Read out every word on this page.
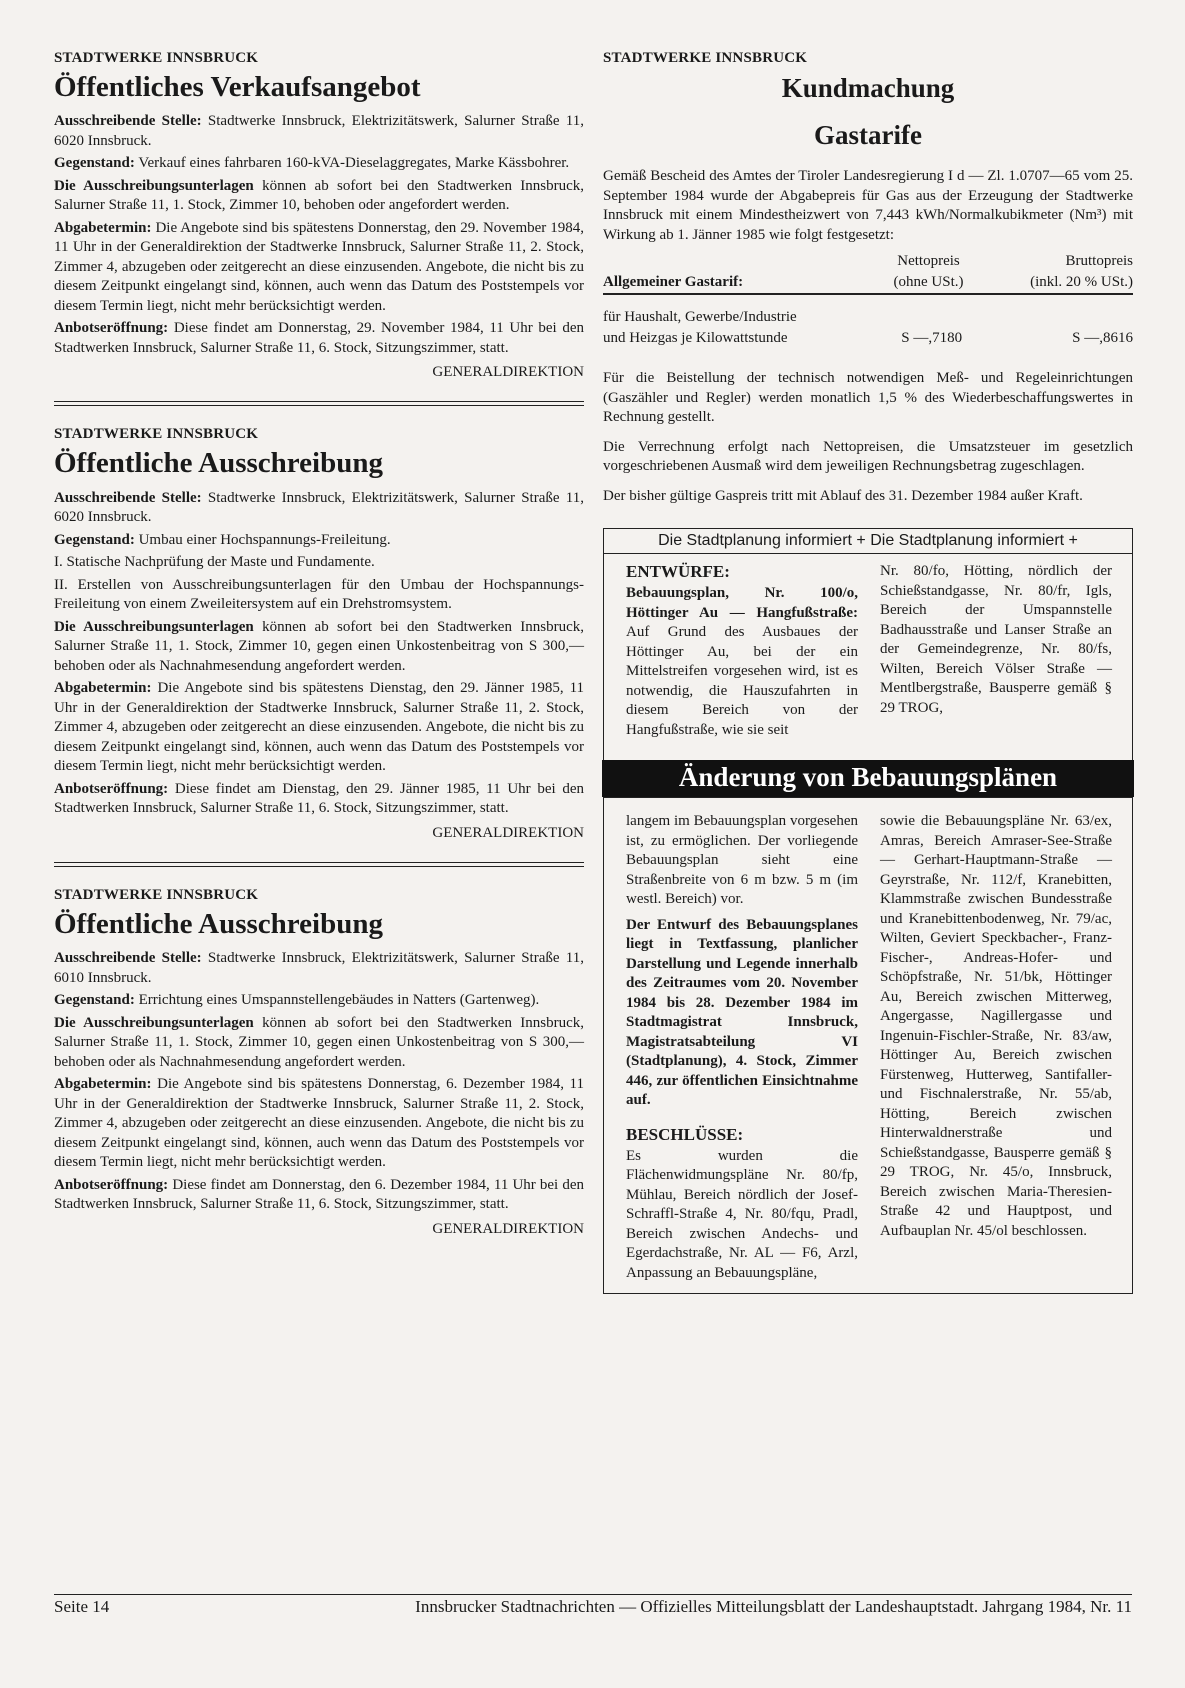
STADTWERKE INNSBRUCK
Öffentliches Verkaufsangebot

Ausschreibende Stelle: Stadtwerke Innsbruck, Elektrizitätswerk, Salurner Straße 11, 6020 Innsbruck.

Gegenstand: Verkauf eines fahrbaren 160-kVA-Dieselaggregates, Marke Kässbohrer.

Die Ausschreibungsunterlagen können ab sofort bei den Stadtwerken Innsbruck, Salurner Straße 11, 1. Stock, Zimmer 10, behoben oder angefordert werden.

Abgabetermin: Die Angebote sind bis spätestens Donnerstag, den 29. November 1984, 11 Uhr in der Generaldirektion der Stadtwerke Innsbruck, Salurner Straße 11, 2. Stock, Zimmer 4, abzugeben oder zeitgerecht an diese einzusenden. Angebote, die nicht bis zu diesem Zeitpunkt eingelangt sind, können, auch wenn das Datum des Poststempels vor diesem Termin liegt, nicht mehr berücksichtigt werden.

Anbotseröffnung: Diese findet am Donnerstag, 29. November 1984, 11 Uhr bei den Stadtwerken Innsbruck, Salurner Straße 11, 6. Stock, Sitzungszimmer, statt.

GENERALDIREKTION
STADTWERKE INNSBRUCK
Öffentliche Ausschreibung

Ausschreibende Stelle: Stadtwerke Innsbruck, Elektrizitätswerk, Salurner Straße 11, 6020 Innsbruck.

Gegenstand: Umbau einer Hochspannungs-Freileitung.

I. Statische Nachprüfung der Maste und Fundamente.

II. Erstellen von Ausschreibungsunterlagen für den Umbau der Hochspannungs-Freileitung von einem Zweileitersystem auf ein Drehstromsystem.

Die Ausschreibungsunterlagen können ab sofort bei den Stadtwerken Innsbruck, Salurner Straße 11, 1. Stock, Zimmer 10, gegen einen Unkostenbeitrag von S 300,— behoben oder als Nachnahmesendung angefordert werden.

Abgabetermin: Die Angebote sind bis spätestens Dienstag, den 29. Jänner 1985, 11 Uhr in der Generaldirektion der Stadtwerke Innsbruck, Salurner Straße 11, 2. Stock, Zimmer 4, abzugeben oder zeitgerecht an diese einzusenden. Angebote, die nicht bis zu diesem Zeitpunkt eingelangt sind, können, auch wenn das Datum des Poststempels vor diesem Termin liegt, nicht mehr berücksichtigt werden.

Anbotseröffnung: Diese findet am Dienstag, den 29. Jänner 1985, 11 Uhr bei den Stadtwerken Innsbruck, Salurner Straße 11, 6. Stock, Sitzungszimmer, statt.

GENERALDIREKTION
STADTWERKE INNSBRUCK
Öffentliche Ausschreibung

Ausschreibende Stelle: Stadtwerke Innsbruck, Elektrizitätswerk, Salurner Straße 11, 6010 Innsbruck.

Gegenstand: Errichtung eines Umspannstellengebäudes in Natters (Gartenweg).

Die Ausschreibungsunterlagen können ab sofort bei den Stadtwerken Innsbruck, Salurner Straße 11, 1. Stock, Zimmer 10, gegen einen Unkostenbeitrag von S 300,— behoben oder als Nachnahmesendung angefordert werden.

Abgabetermin: Die Angebote sind bis spätestens Donnerstag, 6. Dezember 1984, 11 Uhr in der Generaldirektion der Stadtwerke Innsbruck, Salurner Straße 11, 2. Stock, Zimmer 4, abzugeben oder zeitgerecht an diese einzusenden. Angebote, die nicht bis zu diesem Zeitpunkt eingelangt sind, können, auch wenn das Datum des Poststempels vor diesem Termin liegt, nicht mehr berücksichtigt werden.

Anbotseröffnung: Diese findet am Donnerstag, den 6. Dezember 1984, 11 Uhr bei den Stadtwerken Innsbruck, Salurner Straße 11, 6. Stock, Sitzungszimmer, statt.

GENERALDIREKTION
STADTWERKE INNSBRUCK
Kundmachung
Gastarife

Gemäß Bescheid des Amtes der Tiroler Landesregierung I d — Zl. 1.0707—65 vom 25. September 1984 wurde der Abgabepreis für Gas aus der Erzeugung der Stadtwerke Innsbruck mit einem Mindestheizwert von 7,443 kWh/Normalkubikmeter (Nm³) mit Wirkung ab 1. Jänner 1985 wie folgt festgesetzt:

	Nettopreis	Bruttopreis
Allgemeiner Gastarif:	(ohne USt.)	(inkl. 20 % USt.)

für Haushalt, Gewerbe/Industrie		
und Heizgas je Kilowattstunde	S —,7180	S —,8616

Für die Beistellung der technisch notwendigen Meß- und Regeleinrichtungen (Gaszähler und Regler) werden monatlich 1,5 % des Wiederbeschaffungswertes in Rechnung gestellt.

Die Verrechnung erfolgt nach Nettopreisen, die Umsatzsteuer im gesetzlich vorgeschriebenen Ausmaß wird dem jeweiligen Rechnungsbetrag zugeschlagen.

Der bisher gültige Gaspreis tritt mit Ablauf des 31. Dezember 1984 außer Kraft.

Die Stadtplanung informiert + Die Stadtplanung informiert +
ENTWÜRFE:

Bebauungsplan, Nr. 100/o, Höttinger Au — Hangfußstraße: Auf Grund des Ausbaues der Höttinger Au, bei der ein Mittelstreifen vorgesehen wird, ist es notwendig, die Hauszufahrten in diesem Bereich von der Hangfußstraße, wie sie seit

Nr. 80/fo, Hötting, nördlich der Schießstandgasse, Nr. 80/fr, Igls, Bereich der Umspannstelle Badhausstraße und Lanser Straße an der Gemeindegrenze, Nr. 80/fs, Wilten, Bereich Völser Straße — Mentlbergstraße, Bausperre gemäß § 29 TROG,

Änderung von Bebauungsplänen

langem im Bebauungsplan vorgesehen ist, zu ermöglichen. Der vorliegende Bebauungsplan sieht eine Straßenbreite von 6 m bzw. 5 m (im westl. Bereich) vor.

Der Entwurf des Bebauungsplanes liegt in Textfassung, planlicher Darstellung und Legende innerhalb des Zeitraumes vom 20. November 1984 bis 28. Dezember 1984 im Stadtmagistrat Innsbruck, Magistratsabteilung VI (Stadtplanung), 4. Stock, Zimmer 446, zur öffentlichen Einsichtnahme auf.

BESCHLÜSSE:

Es wurden die Flächenwidmungspläne Nr. 80/fp, Mühlau, Bereich nördlich der Josef-Schraffl-Straße 4, Nr. 80/fqu, Pradl, Bereich zwischen Andechs- und Egerdachstraße, Nr. AL — F6, Arzl, Anpassung an Bebauungspläne,

sowie die Bebauungspläne Nr. 63/ex, Amras, Bereich Amraser-See-Straße — Gerhart-Hauptmann-Straße — Geyrstraße, Nr. 112/f, Kranebitten, Klammstraße zwischen Bundesstraße und Kranebittenbodenweg, Nr. 79/ac, Wilten, Geviert Speckbacher-, Franz-Fischer-, Andreas-Hofer- und Schöpfstraße, Nr. 51/bk, Höttinger Au, Bereich zwischen Mitterweg, Angergasse, Nagillergasse und Ingenuin-Fischler-Straße, Nr. 83/aw, Höttinger Au, Bereich zwischen Fürstenweg, Hutterweg, Santifaller- und Fischnalerstraße, Nr. 55/ab, Hötting, Bereich zwischen Hinterwaldnerstraße und Schießstandgasse, Bausperre gemäß § 29 TROG, Nr. 45/o, Innsbruck, Bereich zwischen Maria-Theresien-Straße 42 und Hauptpost, und Aufbauplan Nr. 45/ol beschlossen.

Seite 14	Innsbrucker Stadtnachrichten — Offizielles Mitteilungsblatt der Landeshauptstadt. Jahrgang 1984, Nr. 11
